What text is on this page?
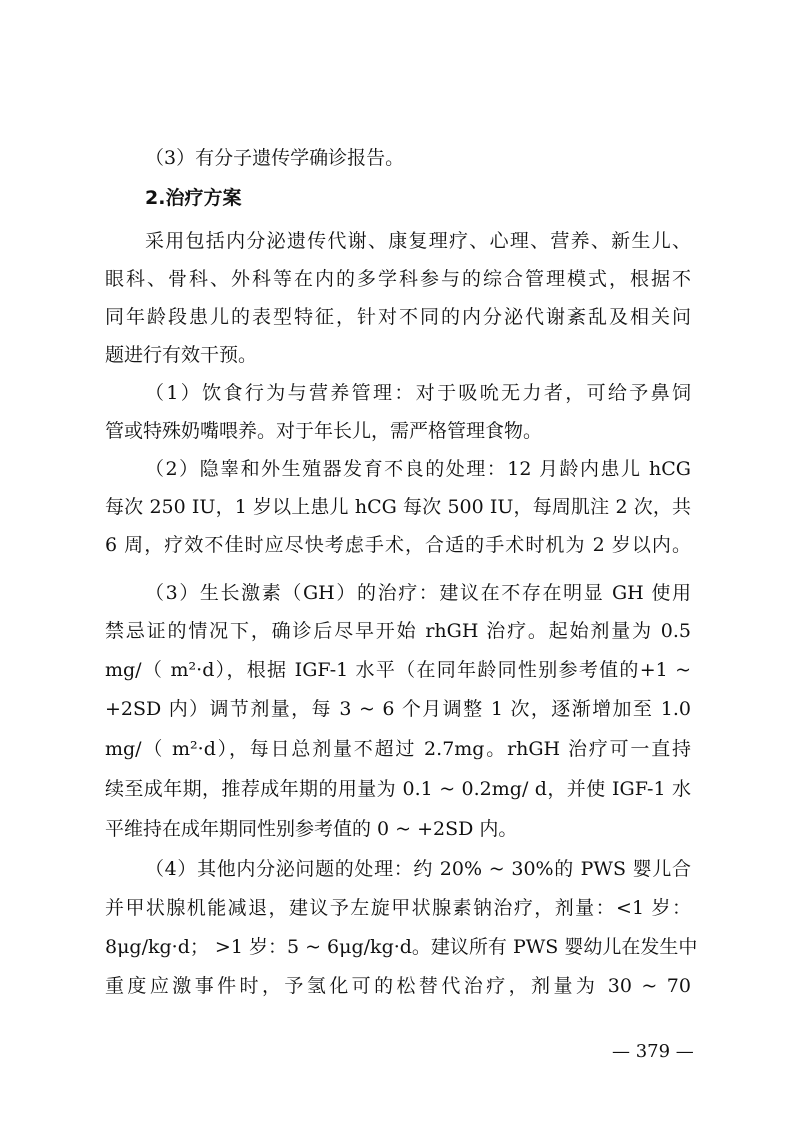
（3）有分子遗传学确诊报告。
2.治疗方案
采用包括内分泌遗传代谢、康复理疗、心理、营养、新生儿、
眼科、骨科、外科等在内的多学科参与的综合管理模式，根据不
同年龄段患儿的表型特征，针对不同的内分泌代谢紊乱及相关问
题进行有效干预。
（1）饮食行为与营养管理：对于吸吮无力者，可给予鼻饲
管或特殊奶嘴喂养。对于年长儿，需严格管理食物。
（2）隐睾和外生殖器发育不良的处理：12 月龄内患儿 hCG
每次 250 IU，1 岁以上患儿 hCG 每次 500 IU，每周肌注 2 次，共
6 周，疗效不佳时应尽快考虑手术，合适的手术时机为 2 岁以内。
（3）生长激素（GH）的治疗：建议在不存在明显 GH 使用
禁忌证的情况下，确诊后尽早开始 rhGH 治疗。起始剂量为 0.5
mg/（ m²·d），根据 IGF-1 水平（在同年龄同性别参考值的+1 ~
+2SD 内）调节剂量，每 3 ~ 6 个月调整 1 次，逐渐增加至 1.0
mg/（ m²·d），每日总剂量不超过 2.7mg。rhGH 治疗可一直持
续至成年期，推荐成年期的用量为 0.1 ~ 0.2mg/ d，并使 IGF-1 水
平维持在成年期同性别参考值的 0 ~ +2SD 内。
（4）其他内分泌问题的处理：约 20% ~ 30%的 PWS 婴儿合
并甲状腺机能减退，建议予左旋甲状腺素钠治疗，剂量：<1 岁：
8μg/kg·d； >1 岁：5 ~ 6μg/kg·d。建议所有 PWS 婴幼儿在发生中
重度应激事件时，予氢化可的松替代治疗，剂量为 30 ~ 70
— 379 —
